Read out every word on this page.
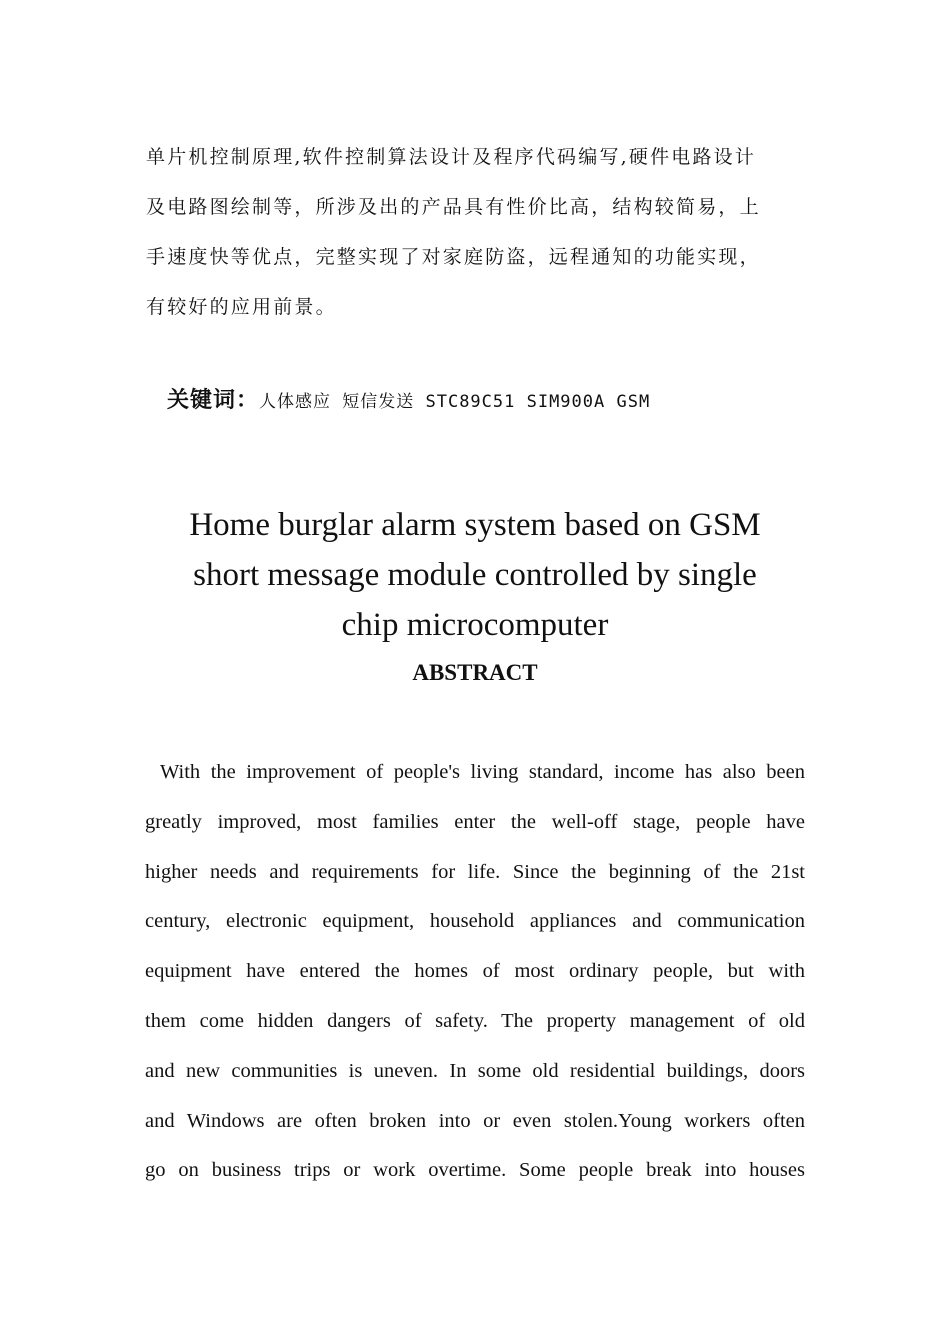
单片机控制原理,软件控制算法设计及程序代码编写,硬件电路设计
及电路图绘制等，所涉及出的产品具有性价比高，结构较简易，上
手速度快等优点，完整实现了对家庭防盗，远程通知的功能实现，
有较好的应用前景。
关键词：人体感应 短信发送 STC89C51 SIM900A GSM
Home burglar alarm system based on GSM
short message module controlled by single
chip microcomputer
ABSTRACT
With the improvement of people's living standard, income has also been
greatly improved, most families enter the well-off stage, people have
higher needs and requirements for life. Since the beginning of the 21st
century, electronic equipment, household appliances and communication
equipment have entered the homes of most ordinary people, but with
them come hidden dangers of safety. The property management of old
and new communities is uneven. In some old residential buildings, doors
and Windows are often broken into or even stolen.Young workers often
go on business trips or work overtime. Some people break into houses
